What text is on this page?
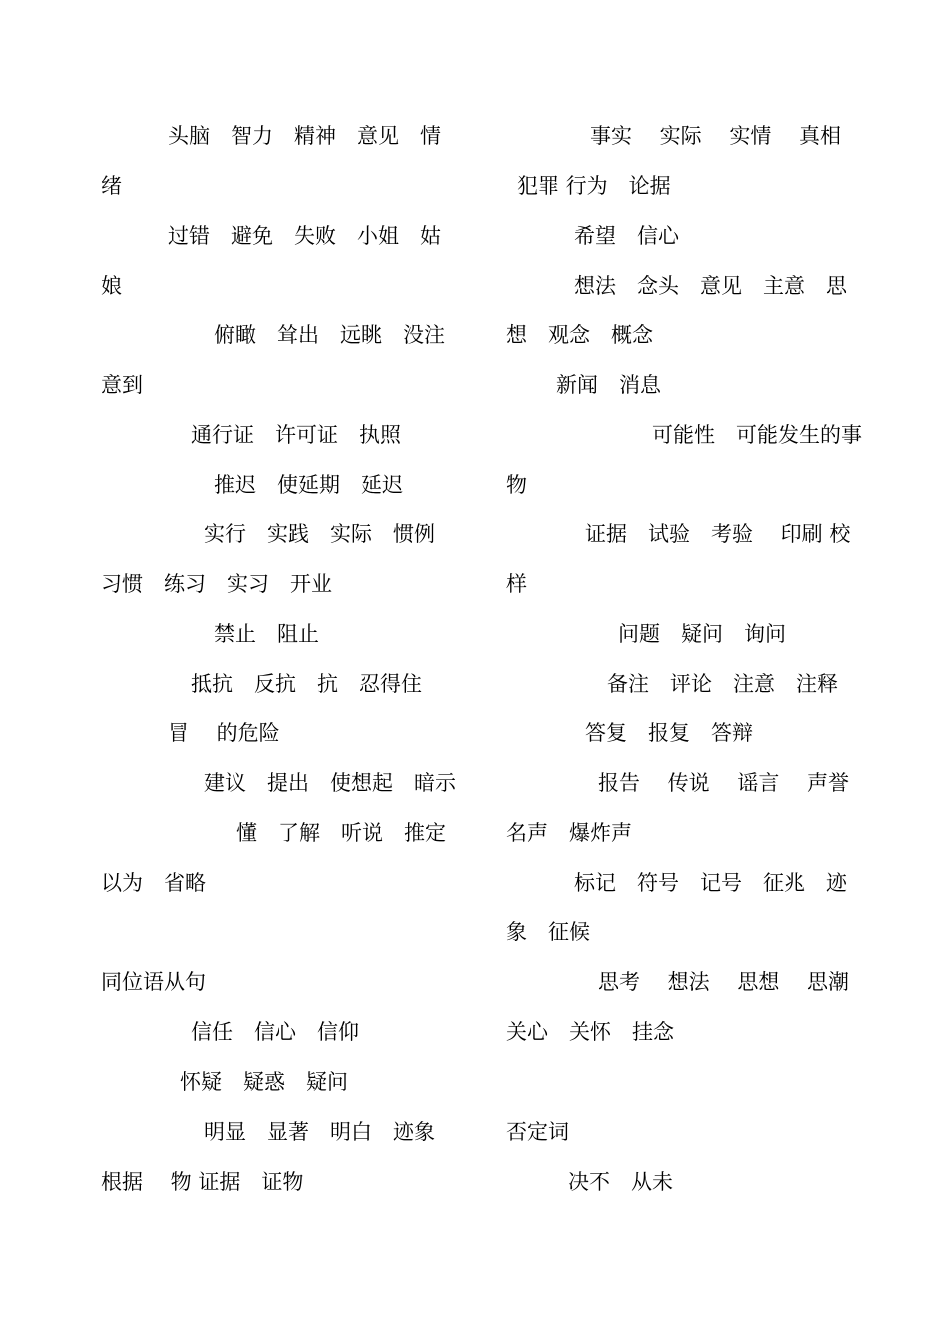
头脑　智力　精神　意见　情
绪
过错　避免　失败　小姐　姑
娘
俯瞰　耸出　远眺　没注
意到
通行证　许可证　执照
推迟　使延期　延迟
实行　实践　实际　惯例
习惯　练习　实习　开业
禁止　阻止
抵抗　反抗　抗　忍得住
冒　 的危险
建议　提出　使想起　暗示
懂　了解　听说　推定
以为　省略
同位语从句
信任　信心　信仰
怀疑　疑惑　疑问
明显　显著　明白　迹象
根据　 物 证据　证物
事实　 实际　 实情　 真相
犯罪 行为　论据
希望　信心
想法　念头　意见　主意　思
想　观念　概念
新闻　消息
可能性　可能发生的事
物
证据　试验　考验　 印刷 校
样
问题　疑问　询问
备注　评论　注意　注释
答复　报复　答辩
报告　 传说　 谣言　 声誉
名声　爆炸声
标记　符号　记号　征兆　迹
象　征候
思考　 想法　 思想　 思潮
关心　关怀　挂念
否定词
决不　从未
